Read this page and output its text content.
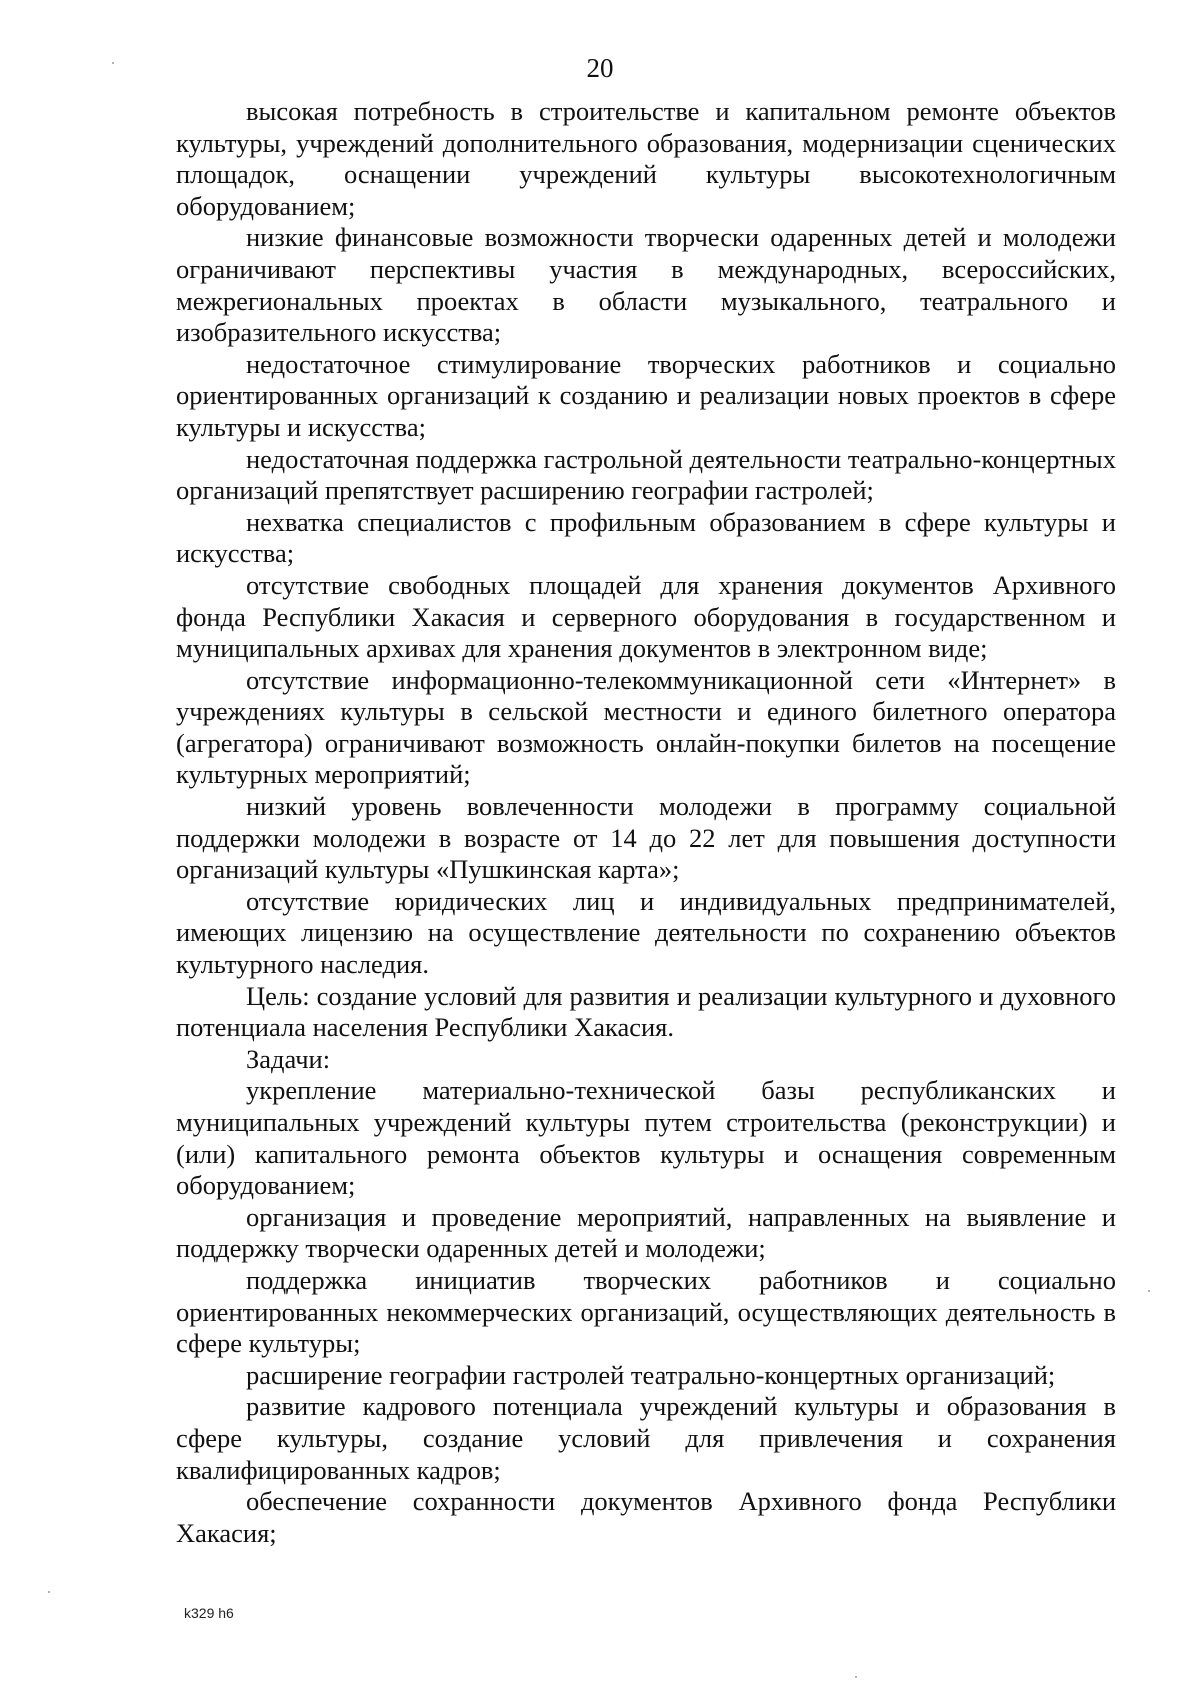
20

высокая потребность в строительстве и капитальном ремонте объектов культуры, учреждений дополнительного образования, модернизации сценических площадок, оснащении учреждений культуры высокотехнологичным оборудованием;

низкие финансовые возможности творчески одаренных детей и молодежи ограничивают перспективы участия в международных, всероссийских, межрегиональных проектах в области музыкального, театрального и изобразительного искусства;

недостаточное стимулирование творческих работников и социально ориентированных организаций к созданию и реализации новых проектов в сфере культуры и искусства;

недостаточная поддержка гастрольной деятельности театрально-концертных организаций препятствует расширению географии гастролей;

нехватка специалистов с профильным образованием в сфере культуры и искусства;

отсутствие свободных площадей для хранения документов Архивного фонда Республики Хакасия и серверного оборудования в государственном и муниципальных архивах для хранения документов в электронном виде;

отсутствие информационно-телекоммуникационной сети «Интернет» в учреждениях культуры в сельской местности и единого билетного оператора (агрегатора) ограничивают возможность онлайн-покупки билетов на посещение культурных мероприятий;

низкий уровень вовлеченности молодежи в программу социальной поддержки молодежи в возрасте от 14 до 22 лет для повышения доступности организаций культуры «Пушкинская карта»;

отсутствие юридических лиц и индивидуальных предпринимателей, имеющих лицензию на осуществление деятельности по сохранению объектов культурного наследия.

Цель: создание условий для развития и реализации культурного и духовного потенциала населения Республики Хакасия.

Задачи:

укрепление материально-технической базы республиканских и муниципальных учреждений культуры путем строительства (реконструкции) и (или) капитального ремонта объектов культуры и оснащения современным оборудованием;

организация и проведение мероприятий, направленных на выявление и поддержку творчески одаренных детей и молодежи;

поддержка инициатив творческих работников и социально ориентированных некоммерческих организаций, осуществляющих деятельность в сфере культуры;

расширение географии гастролей театрально-концертных организаций;

развитие кадрового потенциала учреждений культуры и образования в сфере культуры, создание условий для привлечения и сохранения квалифицированных кадров;

обеспечение сохранности документов Архивного фонда Республики Хакасия;

k329 h6
